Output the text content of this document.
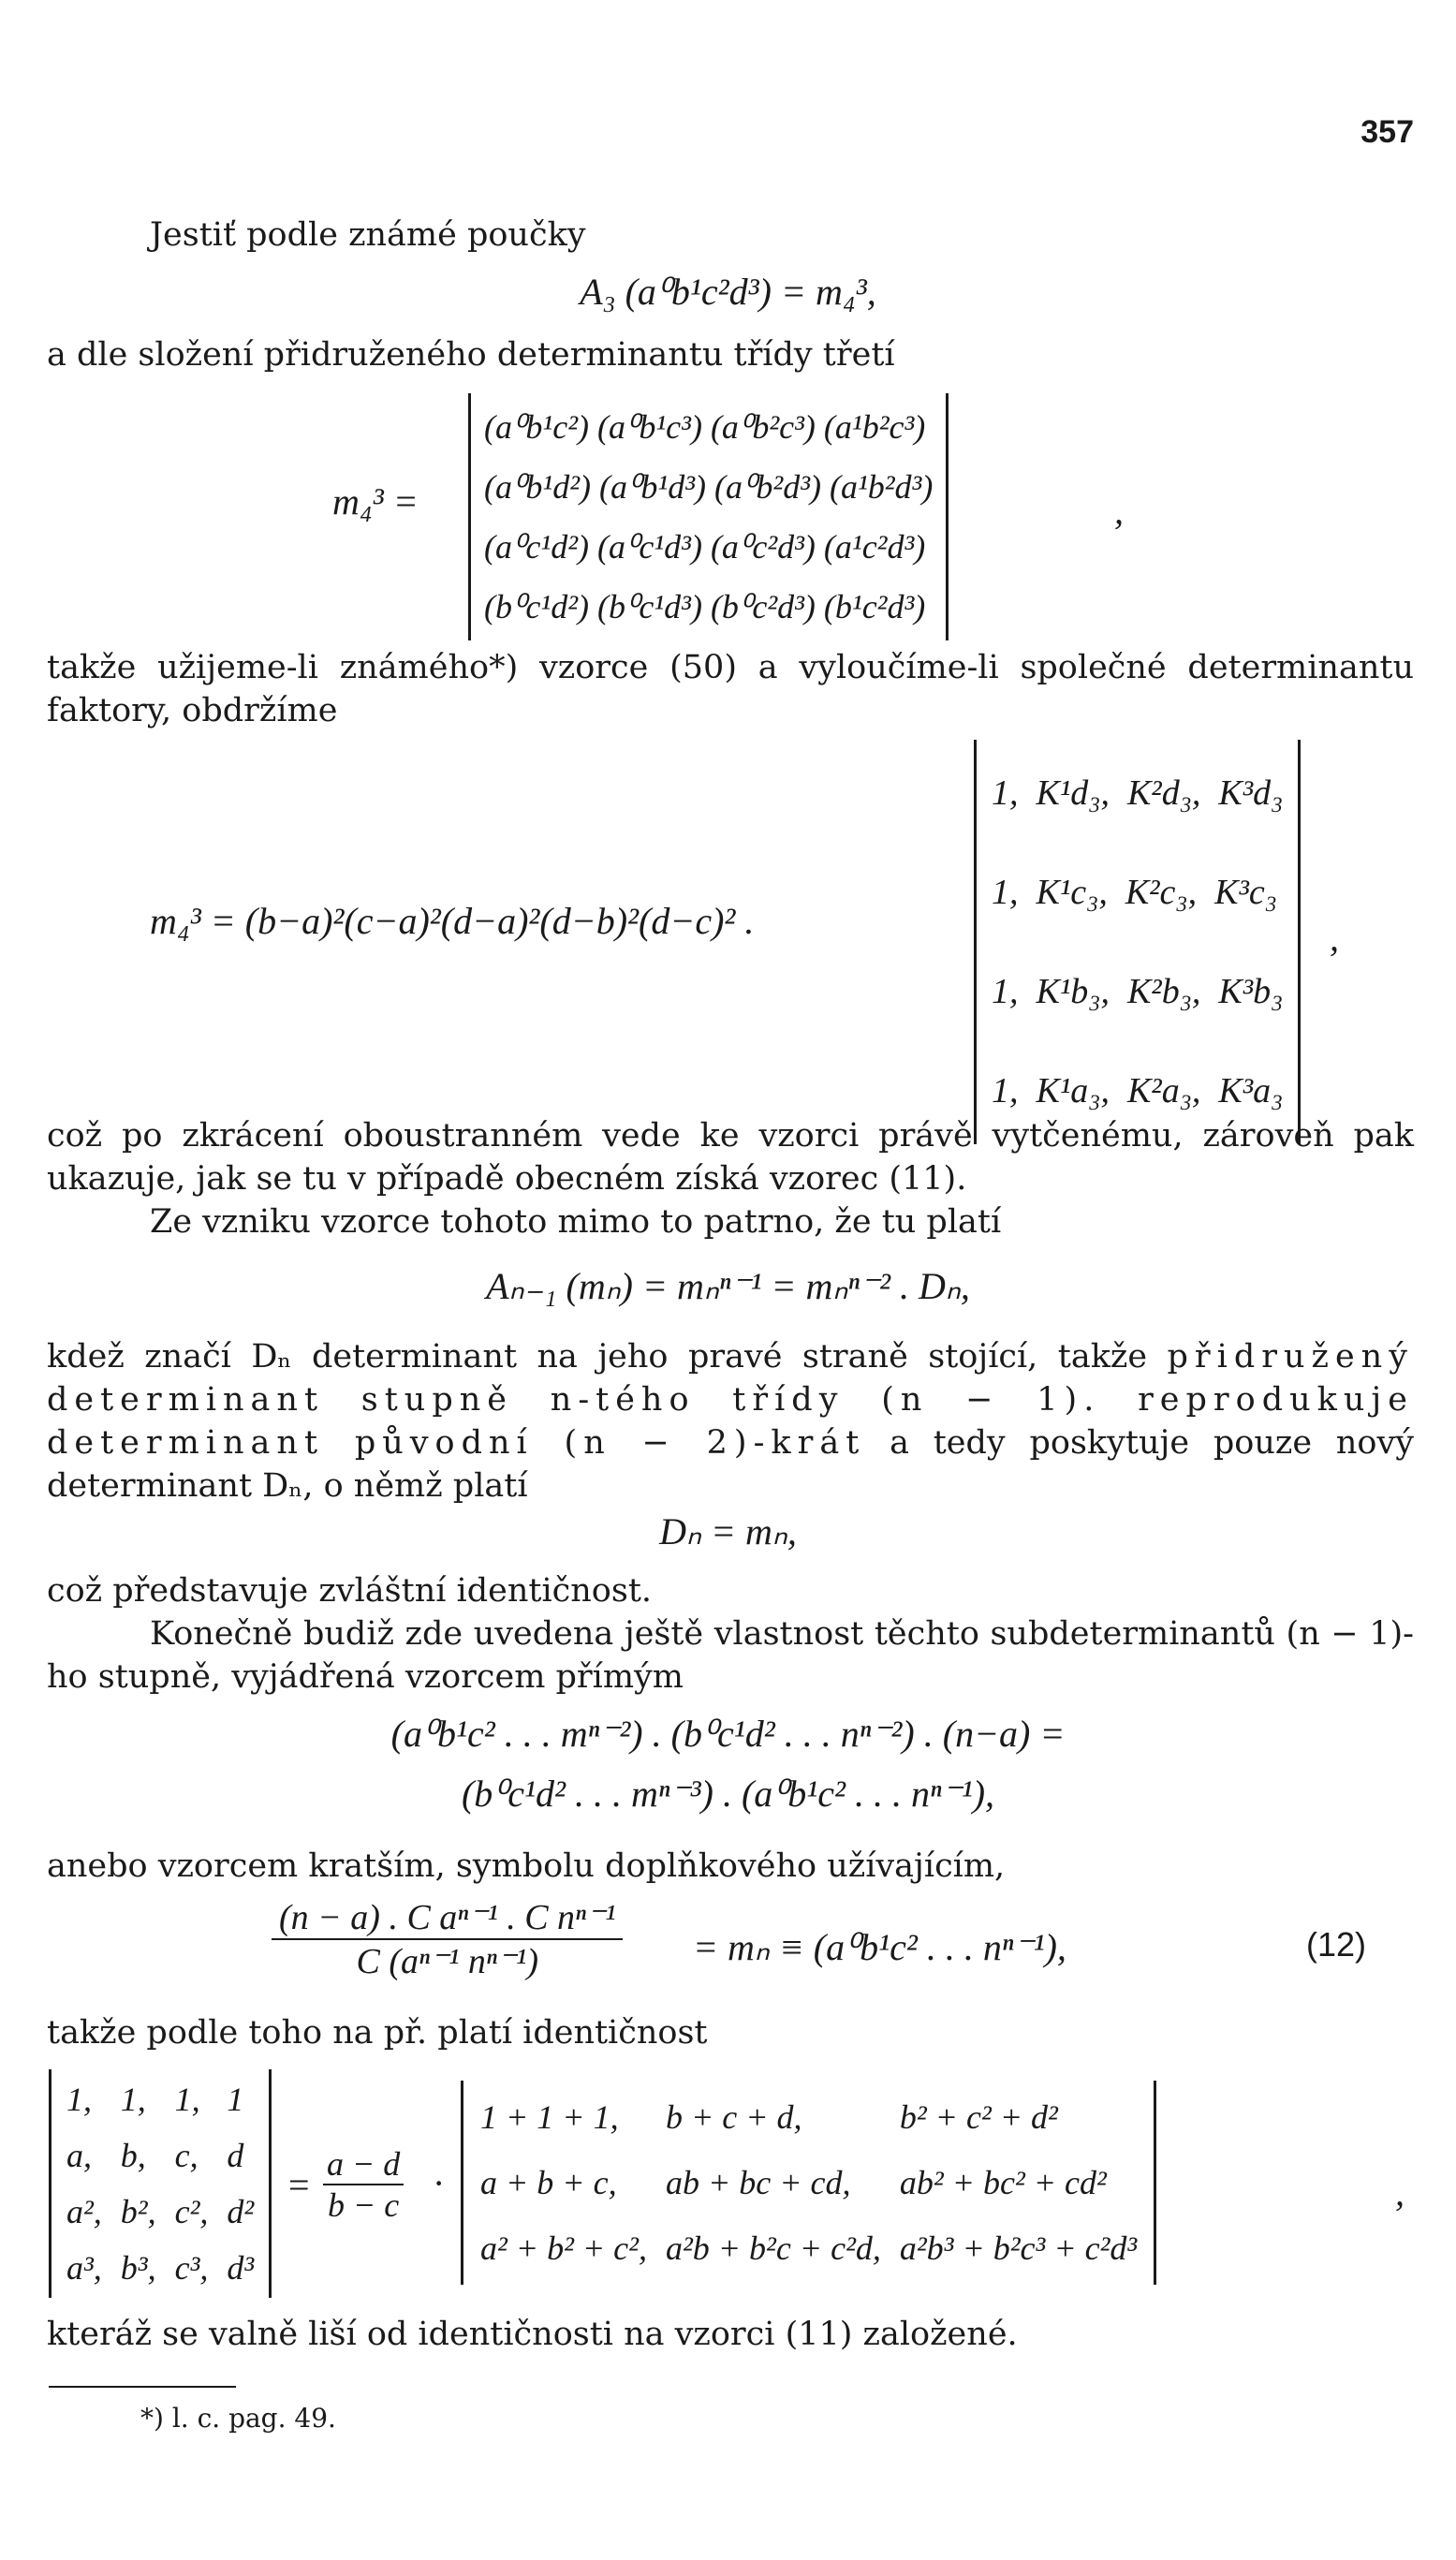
357
Jestiť podle známé poučky
A₃ (a⁰b¹c²d³) = m₄³,
a dle složení přidruženého determinantu třídy třetí
m₄³ =
(a⁰b¹c²) (a⁰b¹c³) (a⁰b²c³) (a¹b²c³)
(a⁰b¹d²) (a⁰b¹d³) (a⁰b²d³) (a¹b²d³)
(a⁰c¹d²) (a⁰c¹d³) (a⁰c²d³) (a¹c²d³)
(b⁰c¹d²) (b⁰c¹d³) (b⁰c²d³) (b¹c²d³)
,
takže užijeme-li známého*) vzorce (50) a vyloučíme-li společné determinantu faktory, obdržíme
m₄³ = (b−a)²(c−a)²(d−a)²(d−b)²(d−c)² .
1,  K¹d₃,  K²d₃,  K³d₃
1,  K¹c₃,  K²c₃,  K³c₃
1,  K¹b₃,  K²b₃,  K³b₃
1,  K¹a₃,  K²a₃,  K³a₃
,
což po zkrácení oboustranném vede ke vzorci právě vytčenému, zároveň pak ukazuje, jak se tu v případě obecném získá vzorec (11).
Ze vzniku vzorce tohoto mimo to patrno, že tu platí
Aₙ₋₁ (mₙ) = mₙⁿ⁻¹ = mₙⁿ⁻² . Dₙ,
kdež značí Dₙ determinant na jeho pravé straně stojící, takže přidružený determinant stupně n-tého třídy (n − 1). reprodukuje determinant původní (n − 2)-krát a tedy poskytuje pouze nový determinant Dₙ, o němž platí
Dₙ = mₙ,
což představuje zvláštní identičnost.
Konečně budiž zde uvedena ještě vlastnost těchto subdeterminantů (n − 1)-ho stupně, vyjádřená vzorcem přímým
(a⁰b¹c² . . . mⁿ⁻²) . (b⁰c¹d² . . . nⁿ⁻²) . (n−a) =
(b⁰c¹d² . . . mⁿ⁻³) . (a⁰b¹c² . . . nⁿ⁻¹),
anebo vzorcem kratším, symbolu doplňkového užívajícím,
$\frac{\text{(n − a) . C aⁿ⁻¹ . C nⁿ⁻¹}}{\text{C (aⁿ⁻¹ nⁿ⁻¹)}} = m_n \equiv (a^0b^1c^2$ . . . nⁿ⁻¹),	(12)
takže podle toho na př. platí identičnost
1,	1,	1,	1
a,	b,	c,	d
a²,	b²,	c²,	d²
a³,	b³,	c³,	d³
= $\frac{a - d}{b - c}$ ·
1 + 1 + 1,	b + c + d,	b² + c² + d²
a + b + c,	ab + bc + cd,	ab² + bc² + cd²
a² + b² + c²,	a²b + b²c + c²d,	a²b³ + b²c³ + c²d³
,
kteráž se valně liší od identičnosti na vzorci (11) založené.
*) l. c. pag. 49.
